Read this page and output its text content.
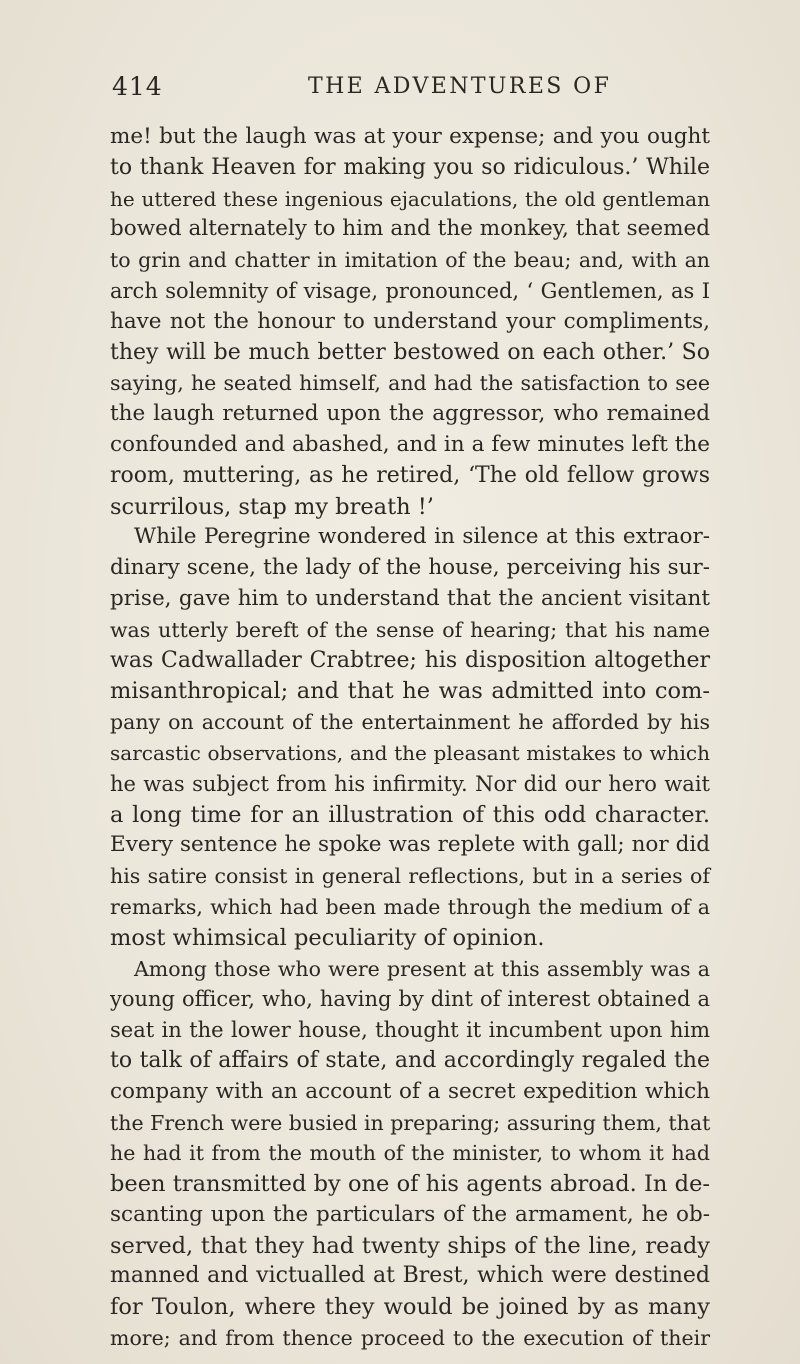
414	THE ADVENTURES OF
me! but the laugh was at your expense; and you ought
to thank Heaven for making you so ridiculous.’ While
he uttered these ingenious ejaculations, the old gentleman
bowed alternately to him and the monkey, that seemed
to grin and chatter in imitation of the beau; and, with an
arch solemnity of visage, pronounced, ‘ Gentlemen, as I
have not the honour to understand your compliments,
they will be much better bestowed on each other.’ So
saying, he seated himself, and had the satisfaction to see
the laugh returned upon the aggressor, who remained
confounded and abashed, and in a few minutes left the
room, muttering, as he retired, ‘The old fellow grows
scurrilous, stap my breath !’
While Peregrine wondered in silence at this extraor-
dinary scene, the lady of the house, perceiving his sur-
prise, gave him to understand that the ancient visitant
was utterly bereft of the sense of hearing; that his name
was Cadwallader Crabtree; his disposition altogether
misanthropical; and that he was admitted into com-
pany on account of the entertainment he afforded by his
sarcastic observations, and the pleasant mistakes to which
he was subject from his infirmity. Nor did our hero wait
a long time for an illustration of this odd character.
Every sentence he spoke was replete with gall; nor did
his satire consist in general reflections, but in a series of
remarks, which had been made through the medium of a
most whimsical peculiarity of opinion.
Among those who were present at this assembly was a
young officer, who, having by dint of interest obtained a
seat in the lower house, thought it incumbent upon him
to talk of affairs of state, and accordingly regaled the
company with an account of a secret expedition which
the French were busied in preparing; assuring them, that
he had it from the mouth of the minister, to whom it had
been transmitted by one of his agents abroad. In de-
scanting upon the particulars of the armament, he ob-
served, that they had twenty ships of the line, ready
manned and victualled at Brest, which were destined
for Toulon, where they would be joined by as many
more; and from thence proceed to the execution of their
